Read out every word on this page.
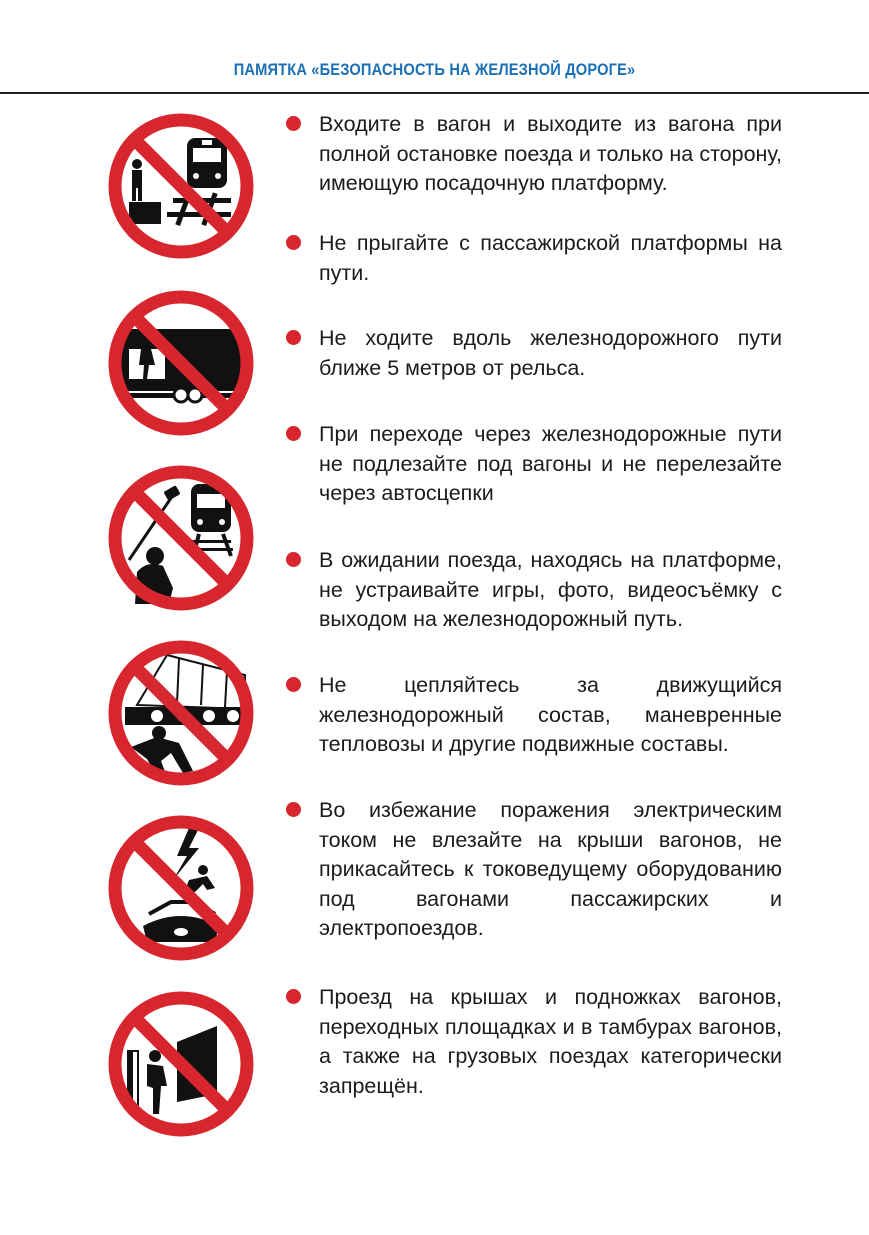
ПАМЯТКА «БЕЗОПАСНОСТЬ НА ЖЕЛЕЗНОЙ ДОРОГЕ»
Входите в вагон и выходите из вагона при полной остановке поезда и только на сторону, имеющую посадочную платформу.
Не прыгайте с пассажирской платформы на пути.
Не ходите вдоль железнодорожного пути ближе 5 метров от рельса.
При переходе через железнодорожные пути не подлезайте под вагоны и не перелезайте через автосцепки
В ожидании поезда, находясь на платформе, не устраивайте игры, фото, видеосъёмку с выходом на железнодорожный путь.
Не цепляйтесь за движущийся железнодорожный состав, маневренные тепловозы и другие подвижные составы.
Во избежание поражения электрическим током не влезайте на крыши вагонов, не прикасайтесь к токоведущему оборудованию под вагонами пассажирских и электропоездов.
Проезд на крышах и подножках вагонов, переходных площадках и в тамбурах вагонов, а также на грузовых поездах категорически запрещён.
